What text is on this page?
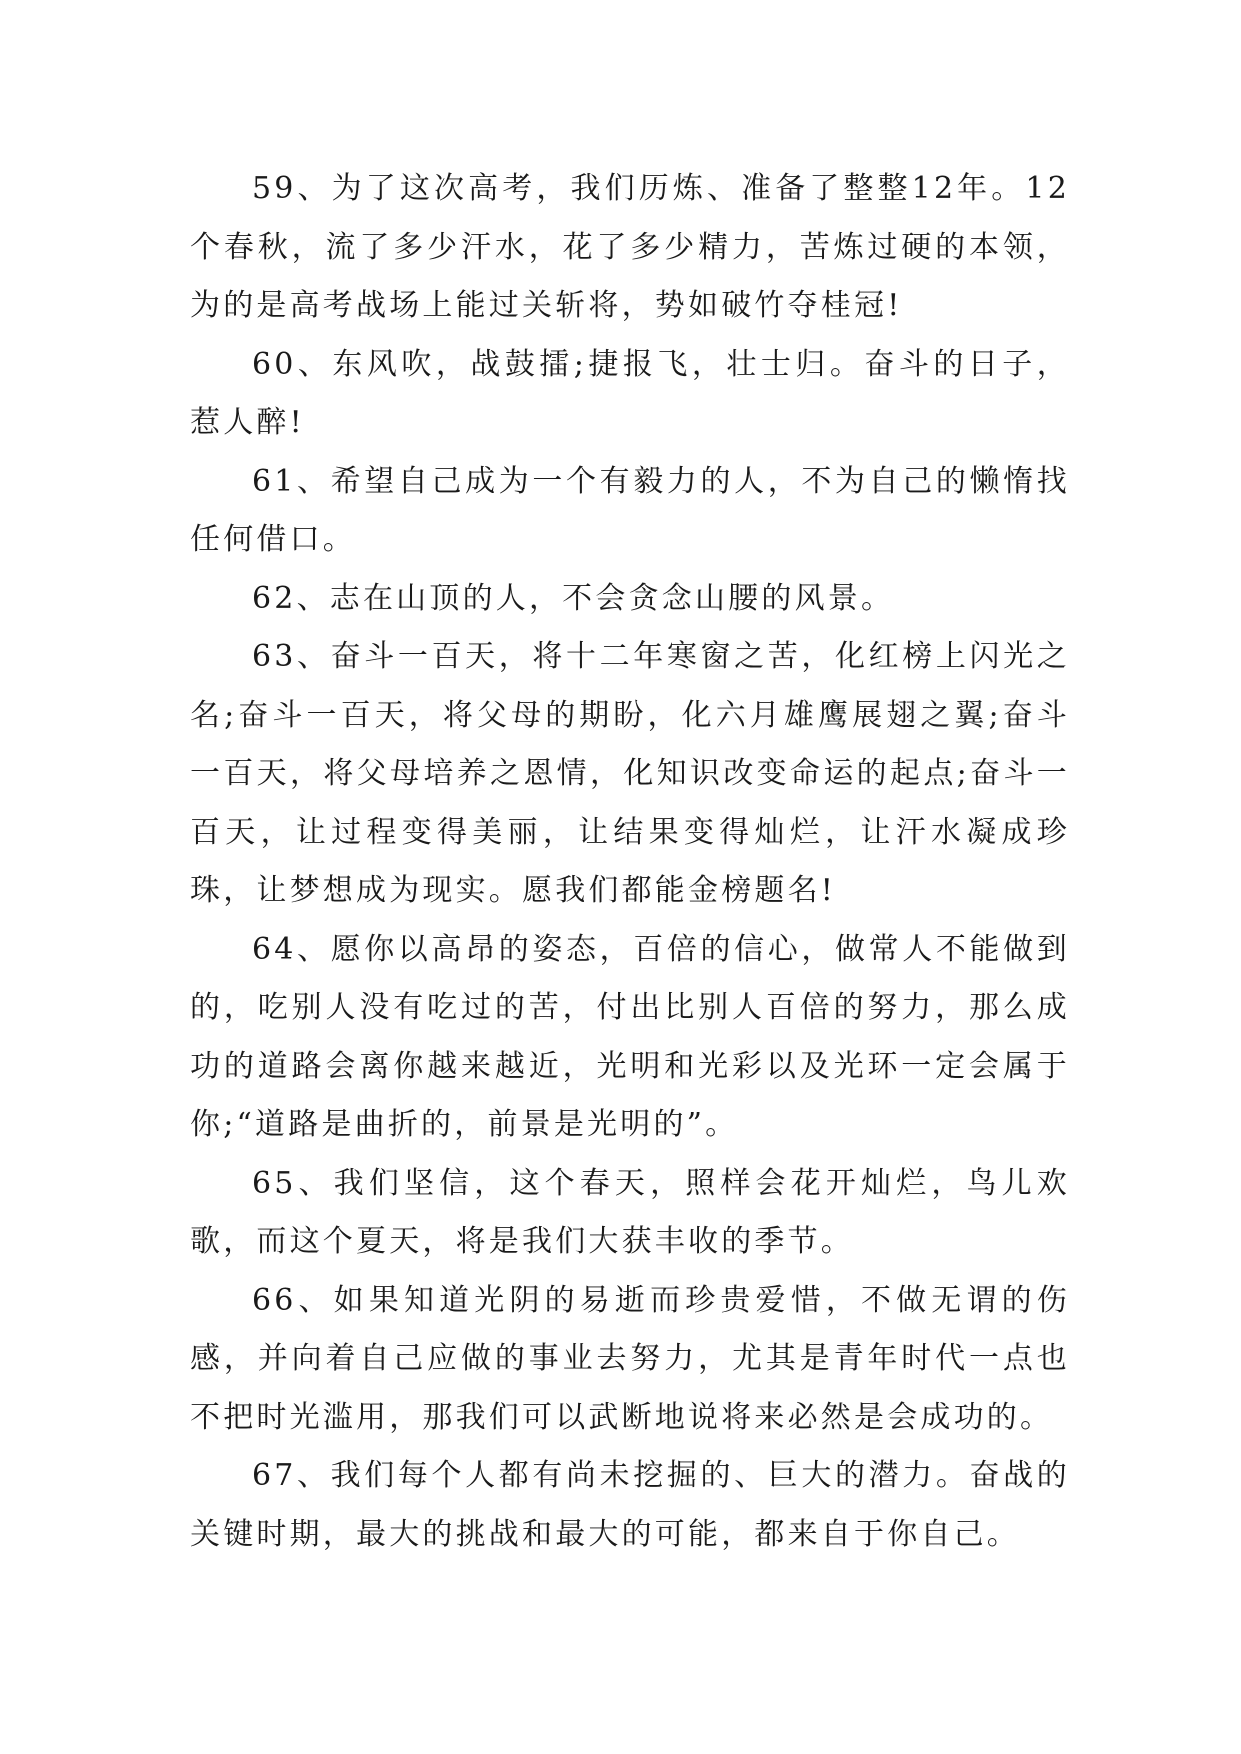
59、为了这次高考，我们历炼、准备了整整12年。12个春秋，流了多少汗水，花了多少精力，苦炼过硬的本领，为的是高考战场上能过关斩将，势如破竹夺桂冠!

60、东风吹，战鼓擂;捷报飞，壮士归。奋斗的日子，惹人醉!

61、希望自己成为一个有毅力的人，不为自己的懒惰找任何借口。

62、志在山顶的人，不会贪念山腰的风景。

63、奋斗一百天，将十二年寒窗之苦，化红榜上闪光之名;奋斗一百天，将父母的期盼，化六月雄鹰展翅之翼;奋斗一百天，将父母培养之恩情，化知识改变命运的起点;奋斗一百天，让过程变得美丽，让结果变得灿烂，让汗水凝成珍珠，让梦想成为现实。愿我们都能金榜题名!

64、愿你以高昂的姿态，百倍的信心，做常人不能做到的，吃别人没有吃过的苦，付出比别人百倍的努力，那么成功的道路会离你越来越近，光明和光彩以及光环一定会属于你;“道路是曲折的，前景是光明的”。

65、我们坚信，这个春天，照样会花开灿烂，鸟儿欢歌，而这个夏天，将是我们大获丰收的季节。

66、如果知道光阴的易逝而珍贵爱惜，不做无谓的伤感，并向着自己应做的事业去努力，尤其是青年时代一点也不把时光滥用，那我们可以武断地说将来必然是会成功的。

67、我们每个人都有尚未挖掘的、巨大的潜力。奋战的关键时期，最大的挑战和最大的可能，都来自于你自己。
